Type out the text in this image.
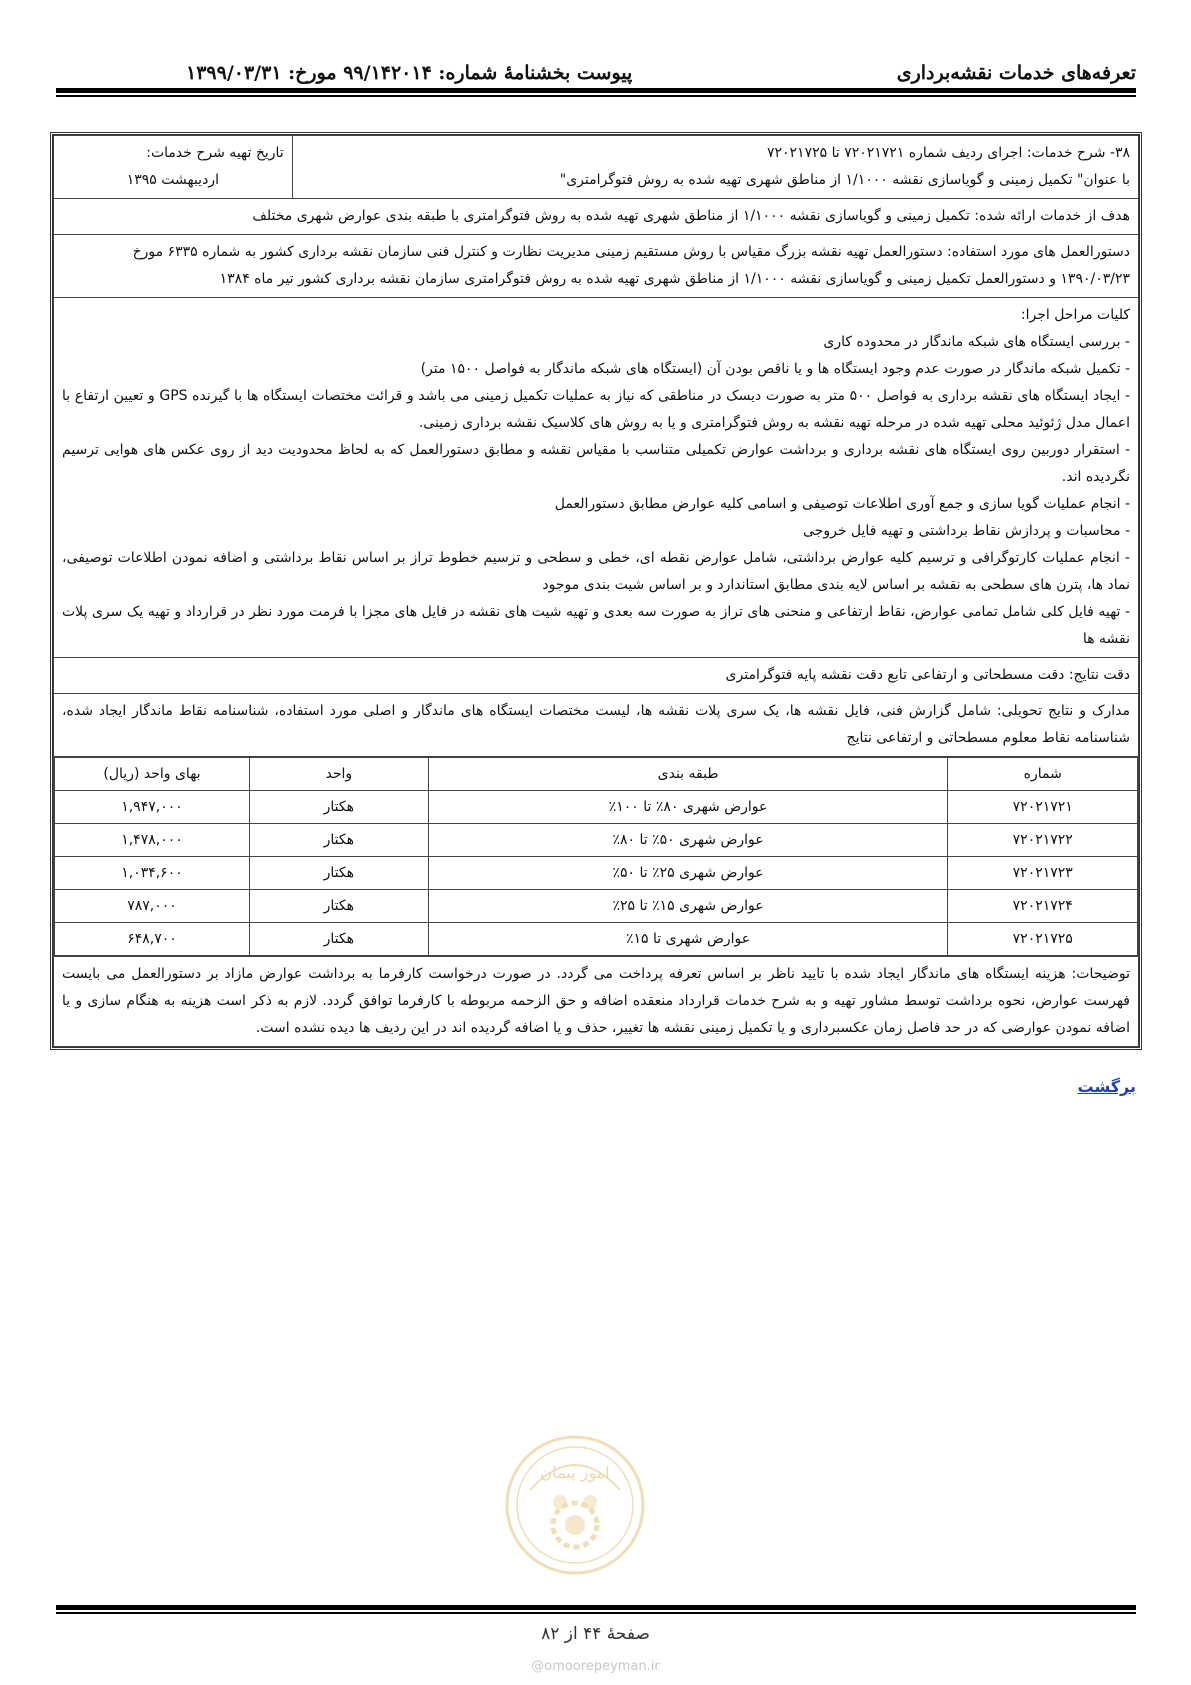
تعرفه‌های خدمات نقشه‌برداری
پیوست بخشنامۀ شماره: ۹۹/۱۴۲۰۱۴ مورخ: ۱۳۹۹/۰۳/۳۱
۳۸- شرح خدمات: اجرای ردیف شماره ۷۲۰۲۱۷۲۱ تا ۷۲۰۲۱۷۲۵
با عنوان" تکمیل زمینی و گویاسازی نقشه ۱/۱۰۰۰ از مناطق شهری تهیه شده به روش فتوگرامتری"

تاریخ تهیه شرح خدمات:
اردیبهشت ۱۳۹۵

هدف از خدمات ارائه شده: تکمیل زمینی و گویاسازی نقشه ۱/۱۰۰۰ از مناطق شهری تهیه شده به روش فتوگرامتری با طبقه بندی عوارض شهری مختلف

دستورالعمل های مورد استفاده: دستورالعمل تهیه نقشه بزرگ مقیاس با روش مستقیم زمینی مدیریت نظارت و کنترل فنی سازمان نقشه برداری کشور به شماره ۶۳۳۵ مورخ
۱۳۹۰/۰۳/۲۳ و دستورالعمل تکمیل زمینی و گویاسازی نقشه ۱/۱۰۰۰ از مناطق شهری تهیه شده به روش فتوگرامتری سازمان نقشه برداری کشور تیر ماه ۱۳۸۴

کلیات مراحل اجرا:
- بررسی ایستگاه های شبکه ماندگار در محدوده کاری
- تکمیل شبکه ماندگار در صورت عدم وجود ایستگاه ها و یا ناقص بودن آن (ایستگاه های شبکه ماندگار به فواصل ۱۵۰۰ متر)
- ایجاد ایستگاه های نقشه برداری به فواصل ۵۰۰ متر به صورت دیسک در مناطقی که نیاز به عملیات تکمیل زمینی می باشد و قرائت مختصات ایستگاه ها با گیرنده GPS و تعیین ارتفاع با اعمال مدل ژئوئید محلی تهیه شده در مرحله تهیه نقشه به روش فتوگرامتری و یا به روش های کلاسیک نقشه برداری زمینی.
- استقرار دوربین روی ایستگاه های نقشه برداری و برداشت عوارض تکمیلی متناسب با مقیاس نقشه و مطابق دستورالعمل که به لحاظ محدودیت دید از روی عکس های هوایی ترسیم نگردیده اند.
- انجام عملیات گویا سازی و جمع آوری اطلاعات توصیفی و اسامی کلیه عوارض مطابق دستورالعمل
- محاسبات و پردازش نقاط برداشتی و تهیه فایل خروجی
- انجام عملیات کارتوگرافی و ترسیم کلیه عوارض برداشتی، شامل عوارض نقطه ای، خطی و سطحی و ترسیم خطوط تراز بر اساس نقاط برداشتی و اضافه نمودن اطلاعات توصیفی، نماد ها، پترن های سطحی به نقشه بر اساس لایه بندی مطابق استاندارد و بر اساس شیت بندی موجود
- تهیه فایل کلی شامل تمامی عوارض، نقاط ارتفاعی و منحنی های تراز به صورت سه بعدی و تهیه شیت های نقشه در فایل های مجزا با فرمت مورد نظر در قرارداد و تهیه یک سری پلات نقشه ها

دقت نتایج: دقت مسطحاتی و ارتفاعی تابع دقت نقشه پایه فتوگرامتری
مدارک و نتایج تحویلی: شامل گزارش فنی، فایل نقشه ها، یک سری پلات نقشه ها، لیست مختصات ایستگاه های ماندگار و اصلی مورد استفاده، شناسنامه نقاط ماندگار ایجاد شده، شناسنامه نقاط معلوم مسطحاتی و ارتفاعی نتایج

شماره	طبقه بندی	واحد	بهای واحد (ریال)
۷۲۰۲۱۷۲۱	عوارض شهری ۸۰٪ تا ۱۰۰٪	هکتار	۱,۹۴۷,۰۰۰
۷۲۰۲۱۷۲۲	عوارض شهری ۵۰٪ تا ۸۰٪	هکتار	۱,۴۷۸,۰۰۰
۷۲۰۲۱۷۲۳	عوارض شهری ۲۵٪ تا ۵۰٪	هکتار	۱,۰۳۴,۶۰۰
۷۲۰۲۱۷۲۴	عوارض شهری ۱۵٪ تا ۲۵٪	هکتار	۷۸۷,۰۰۰
۷۲۰۲۱۷۲۵	عوارض شهری تا ۱۵٪	هکتار	۶۴۸,۷۰۰

توضیحات: هزینه ایستگاه های ماندگار ایجاد شده با تایید ناظر بر اساس تعرفه پرداخت می گردد. در صورت درخواست کارفرما به برداشت عوارض مازاد بر دستورالعمل می بایست فهرست عوارض، نحوه برداشت توسط مشاور تهیه و به شرح خدمات قرارداد منعقده اضافه و حق الزحمه مربوطه با کارفرما توافق گردد. لازم به ذکر است هزینه به هنگام سازی و یا اضافه نمودن عوارضی که در حد فاصل زمان عکسبرداری و یا تکمیل زمینی نقشه ها تغییر، حذف و یا اضافه گردیده اند در این ردیف ها دیده نشده است.
برگشت
امور پیمان
صفحۀ ۴۴ از ۸۲
@omoorepeyman.ir
